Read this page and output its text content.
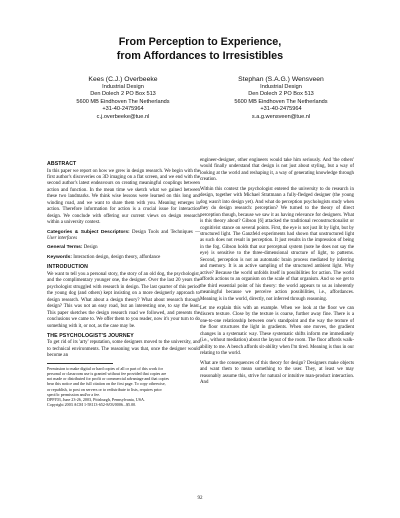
From Perception to Experience,
from Affordances to Irresistibles
Kees (C.J.) Overbeeke
Industrial Design
Den Dolech 2 PO Box 513
5600 MB Eindhoven The Netherlands
+31-40-2475964
c.j.overbeeke@tue.nl
Stephan (S.A.G.) Wensveen
Industrial Design
Den Dolech 2 PO Box 513
5600 MB Eindhoven The Netherlands
+31-40-2475964
s.a.g.wensveen@tue.nl
ABSTRACT

In this paper we report on how we grew in design research. We begin with the first author's discoveries on 3D imaging on a flat screen, and we end with the second author's latest endeavours on creating meaningful couplings between action and function. In the mean time we sketch what we gained between these two landmarks. We think wise lessons were learned on this long and winding road, and we want to share them with you. Meaning emerges in action. Therefore information for action is a crucial issue for interaction design. We conclude with offering our current views on design research within a university context.

Categories & Subject Descriptors: Design Tools and Techniques — User interfaces

General Terms: Design

Keywords: Interaction design, design theory, affordance

INTRODUCTION

We want to tell you a personal story, the story of an old dog, the psychologist, and the complimentary younger one, the designer. Over the last 20 years the psychologist struggled with research in design. The last quarter of this period the young dog (and others) kept insisting on a more designerly approach to design research. What about a design theory? What about research through design? This was not an easy road, but an interesting one, to say the least. This paper sketches the design research road we followed, and presents the conclusions we came to. We offer them to you reader, now it's your turn to do something with it, or not, as the case may be.

THE PSYCHOLOGIST'S JOURNEY

To get rid of its 'arty' reputation, some designers moved to the university, and to technical environments. The reasoning was that, once the designer would become an

Permission to make digital or hard copies of all or part of this work for
personal or classroom use is granted without fee provided that copies are
not made or distributed for profit or commercial advantage and that copies
bear this notice and the full citation on the first page. To copy otherwise,
or republish, to post on servers or to redistribute to lists, requires prior
specific permission and/or a fee.
DPPI'03, June 23-26, 2003, Pittsburgh, Pennsylvania, USA.
Copyright 2003 ACM 1-58113-652-8/03/0006...$5.00.

engineer-designer, other engineers would take him seriously. And 'the others' would finally understand that design is not just about styling, but a way of looking at the world and reshaping it, a way of generating knowledge through creation.

Within this context the psychologist entered the university to do research in design, together with Michael Stratmann a fully-fledged designer (the young dog wasn't into design yet). And what do perception psychologists study when they do design research: perception? We turned to the theory of direct perception though, because we saw it as having relevance for designers. What is this theory about? Gibson [6] attacked the traditional reconstructionalist or cognitivist stance on several points. First, the eye is not just lit by light, but by structured light. The Ganzfeld experiments had shown that unstructured light as such does not result in perception. It just results in the impression of being in the fog. Gibson holds that our perceptual system (note he does not say the eye) is sensitive to the three-dimensional structure of light, to patterns. Second, perception is not an automatic brain process mediated by inferring and memory. It is an active sampling of the structured ambient light. Why active? Because the world unfolds itself in possibilities for action. The world affords actions to an organism on the scale of that organism. And so we get to the third essential point of his theory: the world appears to us as inherently meaningful because we perceive action possibilities, i.e., affordances. Meaning is in the world, directly, not inferred through reasoning.

Let me explain this with an example. When we look at the floor we can discern texture. Close by the texture is coarse, further away fine. There is a one-to-one relationship between one's standpoint and the way the texture of the floor structures the light in gradients. When one moves, the gradient changes in a systematic way. These systematic shifts inform me immediately (i.e., without mediation) about the layout of the room. The floor affords walk-ability to me. A bench affords sit-ability when I'm tired. Meaning is thus in our relating to the world.

What are the consequences of this theory for design? Designers make objects and want them to mean something to the user. They, at least we may reasonably assume this, strive for natural or intuitive man-product interaction. And

92
